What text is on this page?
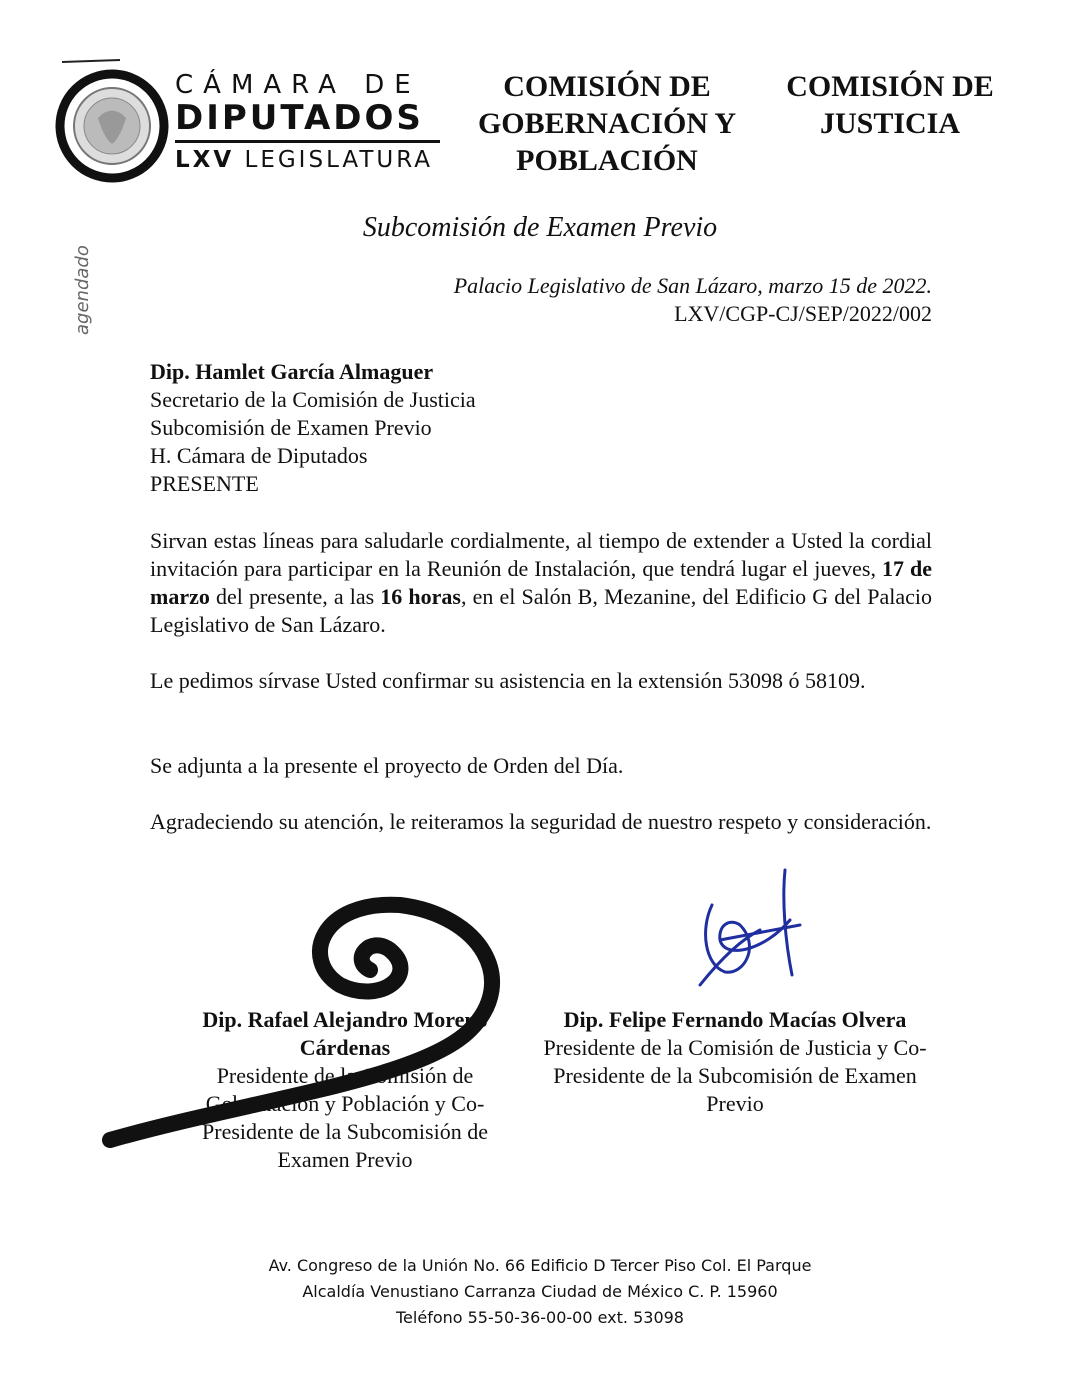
CÁMARA DE
DIPUTADOS
LXV LEGISLATURA
COMISIÓN DE
GOBERNACIÓN Y
POBLACIÓN
COMISIÓN DE
JUSTICIA
agendado
Subcomisión de Examen Previo
Palacio Legislativo de San Lázaro, marzo 15 de 2022.
LXV/CGP-CJ/SEP/2022/002
Dip. Hamlet García Almaguer
Secretario de la Comisión de Justicia
Subcomisión de Examen Previo
H. Cámara de Diputados
PRESENTE
Sirvan estas líneas para saludarle cordialmente, al tiempo de extender a Usted la cordial invitación para participar en la Reunión de Instalación, que tendrá lugar el jueves, 17 de marzo del presente, a las 16 horas, en el Salón B, Mezanine, del Edificio G del Palacio Legislativo de San Lázaro.
Le pedimos sírvase Usted confirmar su asistencia en la extensión 53098 ó 58109.
Se adjunta a la presente el proyecto de Orden del Día.
Agradeciendo su atención, le reiteramos la seguridad de nuestro respeto y consideración.
Dip. Rafael Alejandro Moreno Cárdenas
Presidente de la Comisión de Gobernación y Población y Co-Presidente de la Subcomisión de Examen Previo
Dip. Felipe Fernando Macías Olvera
Presidente de la Comisión de Justicia y Co-Presidente de la Subcomisión de Examen Previo
Av. Congreso de la Unión No. 66 Edificio D Tercer Piso Col. El Parque
Alcaldía Venustiano Carranza Ciudad de México C. P. 15960
Teléfono 55-50-36-00-00 ext. 53098
